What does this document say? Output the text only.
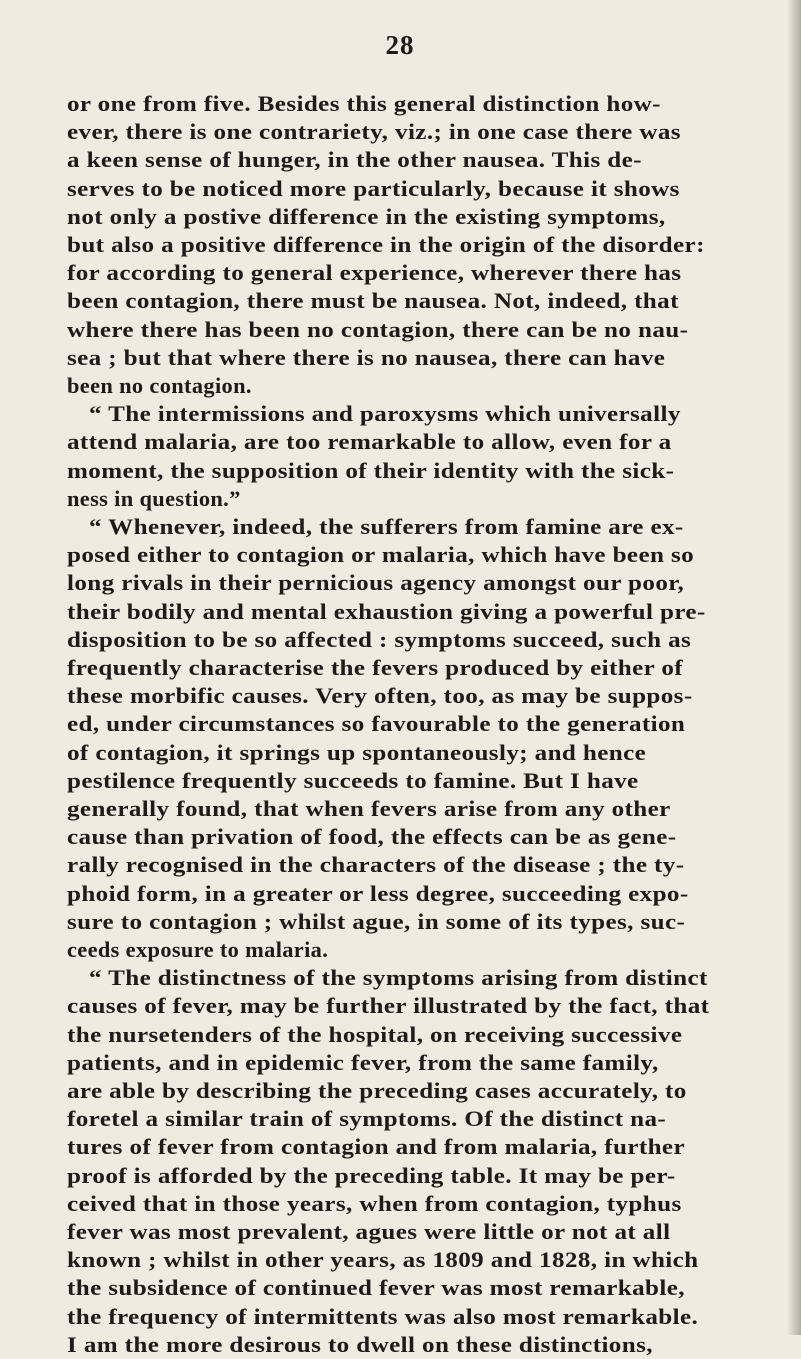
28
or one from five. Besides this general distinction how-
ever, there is one contrariety, viz.; in one case there was
a keen sense of hunger, in the other nausea. This de-
serves to be noticed more particularly, because it shows
not only a postive difference in the existing symptoms,
but also a positive difference in the origin of the disorder:
for according to general experience, wherever there has
been contagion, there must be nausea. Not, indeed, that
where there has been no contagion, there can be no nau-
sea ; but that where there is no nausea, there can have
been no contagion.
“ The intermissions and paroxysms which universally
attend malaria, are too remarkable to allow, even for a
moment, the supposition of their identity with the sick-
ness in question.”
“ Whenever, indeed, the sufferers from famine are ex-
posed either to contagion or malaria, which have been so
long rivals in their pernicious agency amongst our poor,
their bodily and mental exhaustion giving a powerful pre-
disposition to be so affected : symptoms succeed, such as
frequently characterise the fevers produced by either of
these morbific causes. Very often, too, as may be suppos-
ed, under circumstances so favourable to the generation
of contagion, it springs up spontaneously; and hence
pestilence frequently succeeds to famine. But I have
generally found, that when fevers arise from any other
cause than privation of food, the effects can be as gene-
rally recognised in the characters of the disease ; the ty-
phoid form, in a greater or less degree, succeeding expo-
sure to contagion ; whilst ague, in some of its types, suc-
ceeds exposure to malaria.
“ The distinctness of the symptoms arising from distinct
causes of fever, may be further illustrated by the fact, that
the nursetenders of the hospital, on receiving successive
patients, and in epidemic fever, from the same family,
are able by describing the preceding cases accurately, to
foretel a similar train of symptoms. Of the distinct na-
tures of fever from contagion and from malaria, further
proof is afforded by the preceding table. It may be per-
ceived that in those years, when from contagion, typhus
fever was most prevalent, agues were little or not at all
known ; whilst in other years, as 1809 and 1828, in which
the subsidence of continued fever was most remarkable,
the frequency of intermittents was also most remarkable.
I am the more desirous to dwell on these distinctions,
